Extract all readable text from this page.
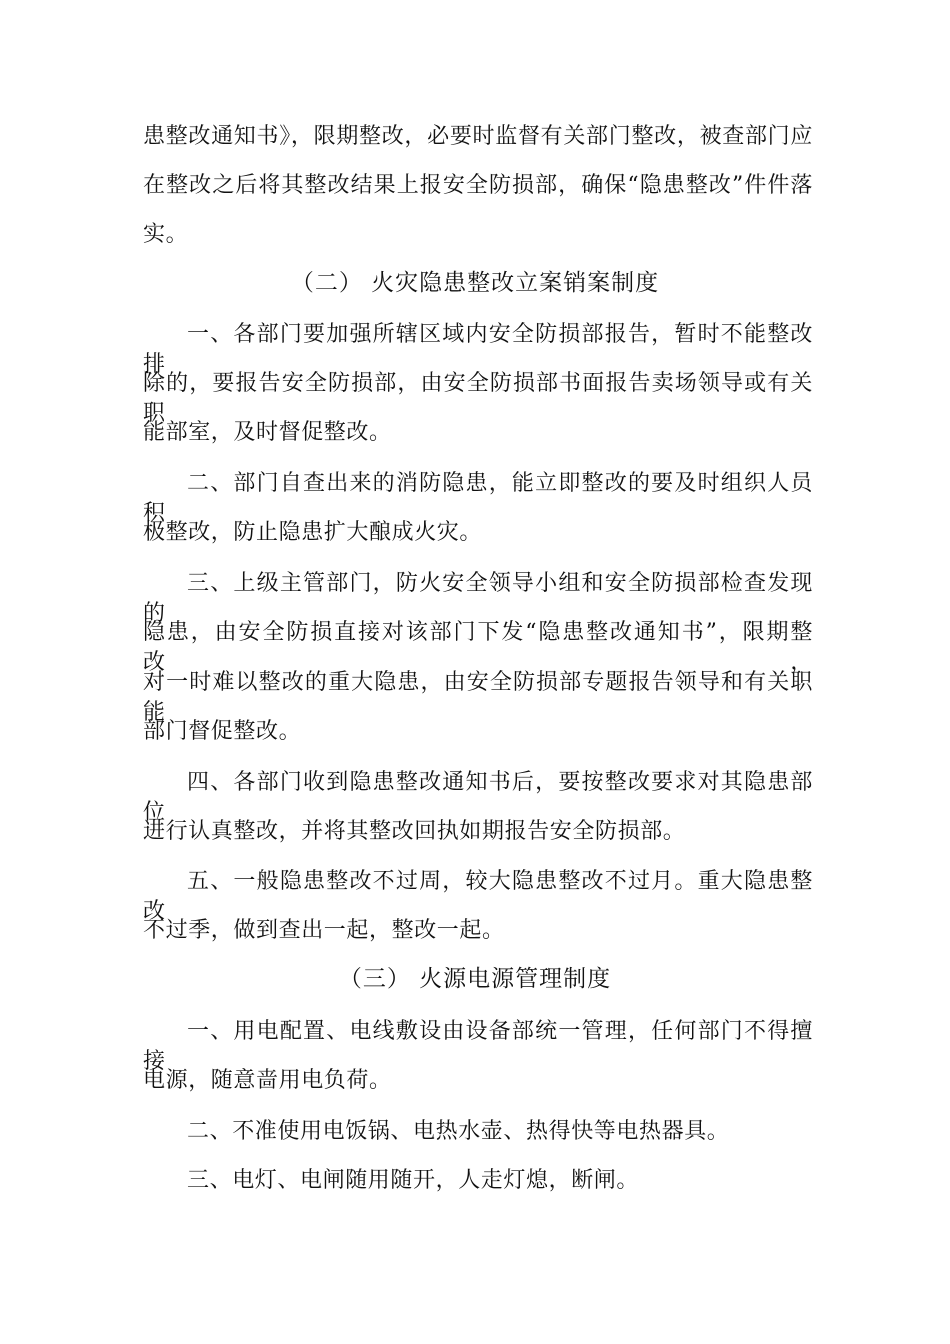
患整改通知书》，限期整改，必要时监督有关部门整改，被查部门应
在整改之后将其整改结果上报安全防损部，确保“隐患整改”件件落
实。
（二） 火灾隐患整改立案销案制度
一、各部门要加强所辖区域内安全防损部报告，暂时不能整改排
除的，要报告安全防损部，由安全防损部书面报告卖场领导或有关职
能部室，及时督促整改。
二、部门自查出来的消防隐患，能立即整改的要及时组织人员积
极整改，防止隐患扩大酿成火灾。
三、上级主管部门，防火安全领导小组和安全防损部检查发现的
隐患，由安全防损直接对该部门下发“隐患整改通知书”，限期整改，
对一时难以整改的重大隐患，由安全防损部专题报告领导和有关职能
部门督促整改。
四、各部门收到隐患整改通知书后，要按整改要求对其隐患部位
进行认真整改，并将其整改回执如期报告安全防损部。
五、一般隐患整改不过周，较大隐患整改不过月。重大隐患整改
不过季，做到查出一起，整改一起。
（三） 火源电源管理制度
一、用电配置、电线敷设由设备部统一管理，任何部门不得擅接
电源，随意啬用电负荷。
二、不准使用电饭锅、电热水壶、热得快等电热器具。
三、电灯、电闸随用随开，人走灯熄，断闸。
